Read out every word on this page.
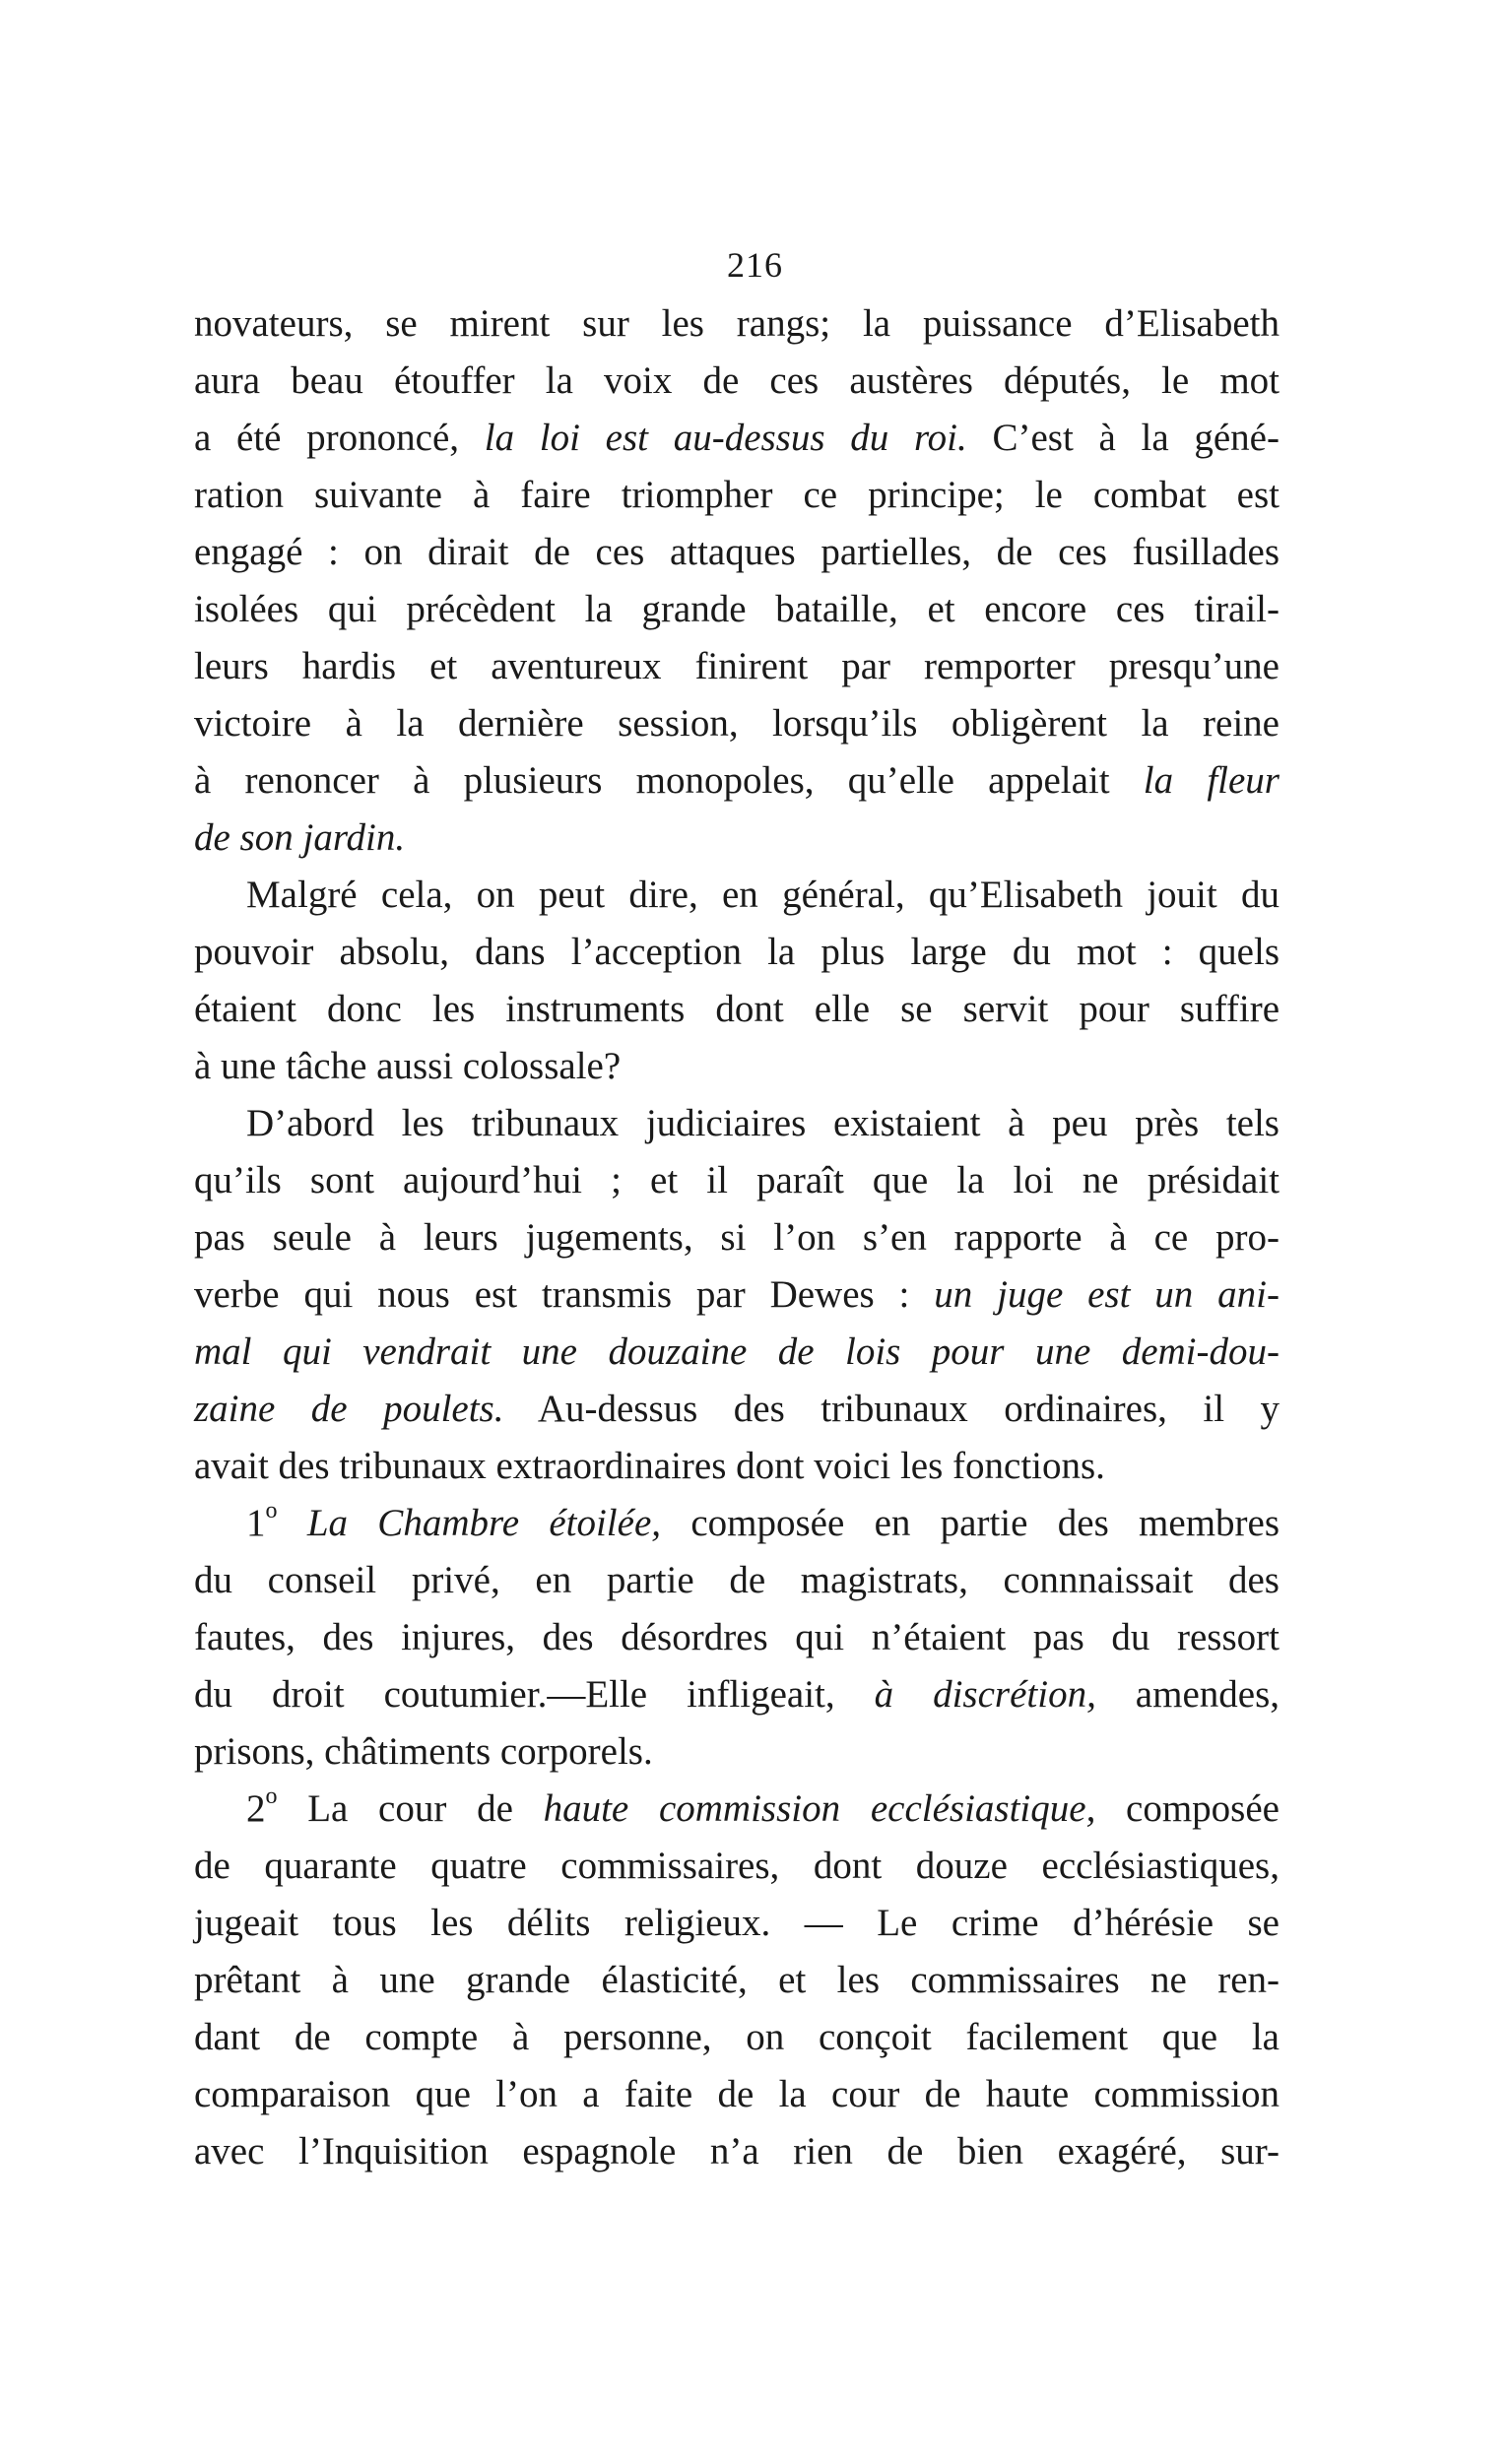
216
novateurs, se mirent sur les rangs; la puissance d’Elisabeth
aura beau étouffer la voix de ces austères députés, le mot
a été prononcé, la loi est au-dessus du roi. C’est à la géné-
ration suivante à faire triompher ce principe; le combat est
engagé : on dirait de ces attaques partielles, de ces fusillades
isolées qui précèdent la grande bataille, et encore ces tirail-
leurs hardis et aventureux finirent par remporter presqu’une
victoire à la dernière session, lorsqu’ils obligèrent la reine
à renoncer à plusieurs monopoles, qu’elle appelait la fleur
de son jardin.
Malgré cela, on peut dire, en général, qu’Elisabeth jouit du
pouvoir absolu, dans l’acception la plus large du mot : quels
étaient donc les instruments dont elle se servit pour suffire
à une tâche aussi colossale?
D’abord les tribunaux judiciaires existaient à peu près tels
qu’ils sont aujourd’hui ; et il paraît que la loi ne présidait
pas seule à leurs jugements, si l’on s’en rapporte à ce pro-
verbe qui nous est transmis par Dewes : un juge est un ani-
mal qui vendrait une douzaine de lois pour une demi-dou-
zaine de poulets. Au-dessus des tribunaux ordinaires, il y
avait des tribunaux extraordinaires dont voici les fonctions.
1$^o$ La Chambre étoilée, composée en partie des membres
du conseil privé, en partie de magistrats, connnaissait des
fautes, des injures, des désordres qui n’étaient pas du ressort
du droit coutumier.—Elle infligeait, à discrétion, amendes,
prisons, châtiments corporels.
2$^o$ La cour de haute commission ecclésiastique, composée
de quarante quatre commissaires, dont douze ecclésiastiques,
jugeait tous les délits religieux. — Le crime d’hérésie se
prêtant à une grande élasticité, et les commissaires ne ren-
dant de compte à personne, on conçoit facilement que la
comparaison que l’on a faite de la cour de haute commission
avec l’Inquisition espagnole n’a rien de bien exagéré, sur-
